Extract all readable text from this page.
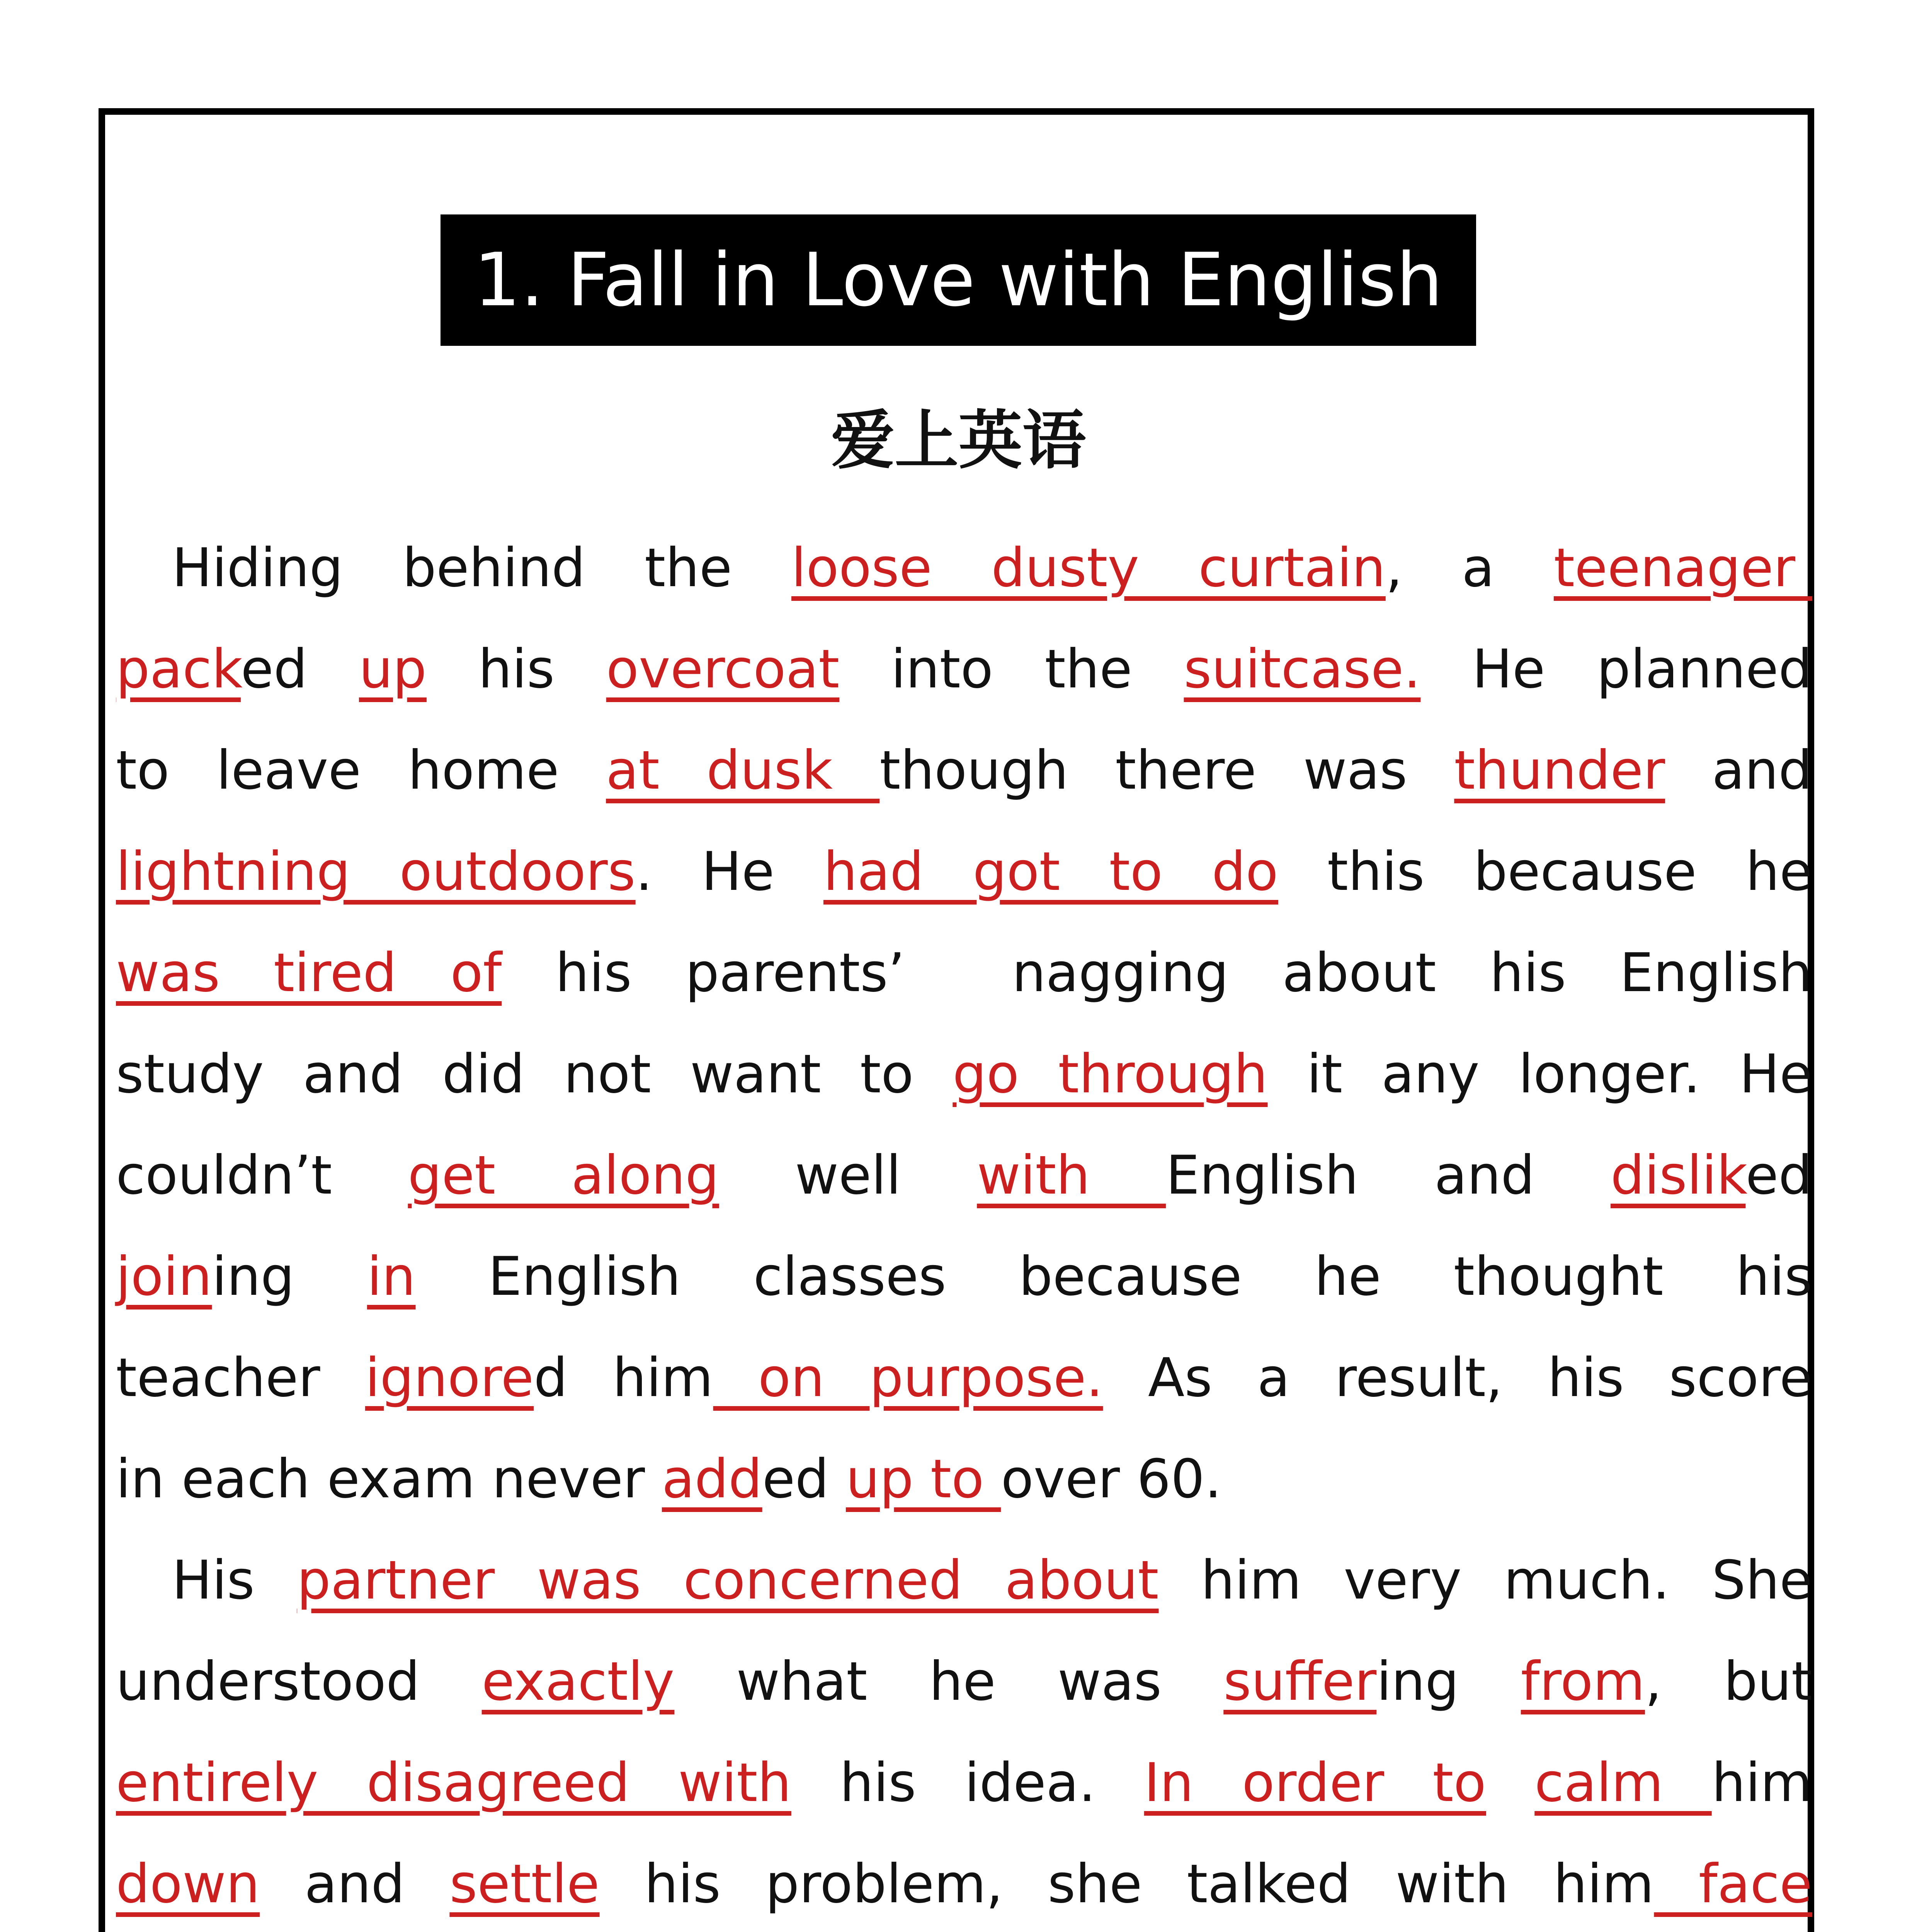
1. Fall in Love with English
爱上英语
Hiding behind the loose dusty curtain, a teenager
packed up his overcoat into the suitcase. He planned
to leave home at dusk though there was thunder and
lightning outdoors. He had got to do this because he
was tired of his parents’  nagging about his English
study and did not want to go through it any longer. He
couldn’t get along well with English and disliked
joining in English classes because he thought his
teacher ignored him on purpose. As a result, his score
in each exam never added up to over 60.
His partner was concerned about him very much. She
understood exactly what he was suffering from, but
entirely disagreed with his idea. In order to calm him
down and settle his problem, she talked with him face
